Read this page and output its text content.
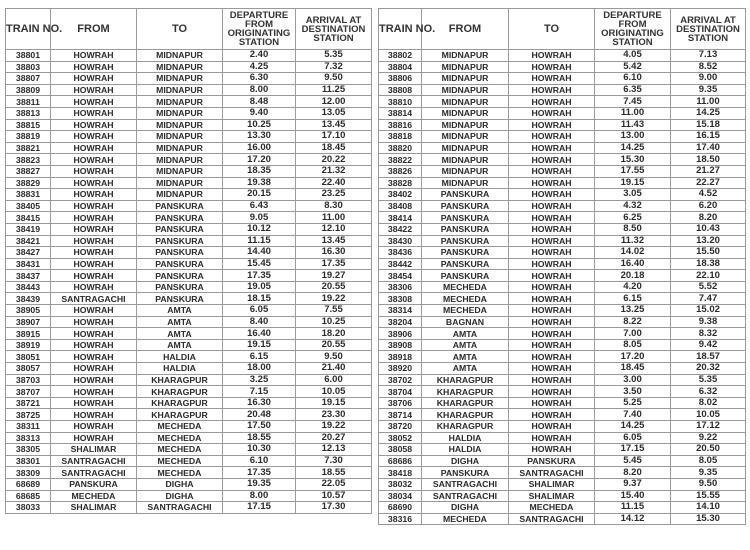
TRAIN NO.	FROM	TO	DEPARTURE FROM ORIGINATING STATION	ARRIVAL AT DESTINATION STATION
38801	HOWRAH	MIDNAPUR	2.40	5.35
38803	HOWRAH	MIDNAPUR	4.25	7.32
38807	HOWRAH	MIDNAPUR	6.30	9.50
38809	HOWRAH	MIDNAPUR	8.00	11.25
38811	HOWRAH	MIDNAPUR	8.48	12.00
38813	HOWRAH	MIDNAPUR	9.40	13.05
38815	HOWRAH	MIDNAPUR	10.25	13.45
38819	HOWRAH	MIDNAPUR	13.30	17.10
38821	HOWRAH	MIDNAPUR	16.00	18.45
38823	HOWRAH	MIDNAPUR	17.20	20.22
38827	HOWRAH	MIDNAPUR	18.35	21.32
38829	HOWRAH	MIDNAPUR	19.38	22.40
38831	HOWRAH	MIDNAPUR	20.15	23.25
38405	HOWRAH	PANSKURA	6.43	8.30
38415	HOWRAH	PANSKURA	9.05	11.00
38419	HOWRAH	PANSKURA	10.12	12.10
38421	HOWRAH	PANSKURA	11.15	13.45
38427	HOWRAH	PANSKURA	14.40	16.30
38431	HOWRAH	PANSKURA	15.45	17.35
38437	HOWRAH	PANSKURA	17.35	19.27
38443	HOWRAH	PANSKURA	19.05	20.55
38439	SANTRAGACHI	PANSKURA	18.15	19.22
38905	HOWRAH	AMTA	6.05	7.55
38907	HOWRAH	AMTA	8.40	10.25
38915	HOWRAH	AMTA	16.40	18.20
38919	HOWRAH	AMTA	19.15	20.55
38051	HOWRAH	HALDIA	6.15	9.50
38057	HOWRAH	HALDIA	18.00	21.40
38703	HOWRAH	KHARAGPUR	3.25	6.00
38707	HOWRAH	KHARAGPUR	7.15	10.05
38721	HOWRAH	KHARAGPUR	16.30	19.15
38725	HOWRAH	KHARAGPUR	20.48	23.30
38311	HOWRAH	MECHEDA	17.50	19.22
38313	HOWRAH	MECHEDA	18.55	20.27
38305	SHALIMAR	MECHEDA	10.30	12.13
38301	SANTRAGACHI	MECHEDA	6.10	7.30
38309	SANTRAGACHI	MECHEDA	17.35	18.55
68689	PANSKURA	DIGHA	19.35	22.05
68685	MECHEDA	DIGHA	8.00	10.57
38033	SHALIMAR	SANTRAGACHI	17.15	17.30
TRAIN NO.	FROM	TO	DEPARTURE FROM ORIGINATING STATION	ARRIVAL AT DESTINATION STATION
38802	MIDNAPUR	HOWRAH	4.05	7.13
38804	MIDNAPUR	HOWRAH	5.42	8.52
38806	MIDNAPUR	HOWRAH	6.10	9.00
38808	MIDNAPUR	HOWRAH	6.35	9.35
38810	MIDNAPUR	HOWRAH	7.45	11.00
38814	MIDNAPUR	HOWRAH	11.00	14.25
38816	MIDNAPUR	HOWRAH	11.43	15.18
38818	MIDNAPUR	HOWRAH	13.00	16.15
38820	MIDNAPUR	HOWRAH	14.25	17.40
38822	MIDNAPUR	HOWRAH	15.30	18.50
38826	MIDNAPUR	HOWRAH	17.55	21.27
38828	MIDNAPUR	HOWRAH	19.15	22.27
38402	PANSKURA	HOWRAH	3.05	4.52
38408	PANSKURA	HOWRAH	4.32	6.20
38414	PANSKURA	HOWRAH	6.25	8.20
38422	PANSKURA	HOWRAH	8.50	10.43
38430	PANSKURA	HOWRAH	11.32	13.20
38436	PANSKURA	HOWRAH	14.02	15.50
38442	PANSKURA	HOWRAH	16.40	18.38
38454	PANSKURA	HOWRAH	20.18	22.10
38306	MECHEDA	HOWRAH	4.20	5.52
38308	MECHEDA	HOWRAH	6.15	7.47
38314	MECHEDA	HOWRAH	13.25	15.02
38204	BAGNAN	HOWRAH	8.22	9.38
38906	AMTA	HOWRAH	7.00	8.32
38908	AMTA	HOWRAH	8.05	9.42
38918	AMTA	HOWRAH	17.20	18.57
38920	AMTA	HOWRAH	18.45	20.32
38702	KHARAGPUR	HOWRAH	3.00	5.35
38704	KHARAGPUR	HOWRAH	3.50	6.32
38706	KHARAGPUR	HOWRAH	5.25	8.02
38714	KHARAGPUR	HOWRAH	7.40	10.05
38720	KHARAGPUR	HOWRAH	14.25	17.12
38052	HALDIA	HOWRAH	6.05	9.22
38058	HALDIA	HOWRAH	17.15	20.50
68686	DIGHA	PANSKURA	5.45	8.05
38418	PANSKURA	SANTRAGACHI	8.20	9.35
38032	SANTRAGACHI	SHALIMAR	9.37	9.50
38034	SANTRAGACHI	SHALIMAR	15.40	15.55
68690	DIGHA	MECHEDA	11.15	14.10
38316	MECHEDA	SANTRAGACHI	14.12	15.30
